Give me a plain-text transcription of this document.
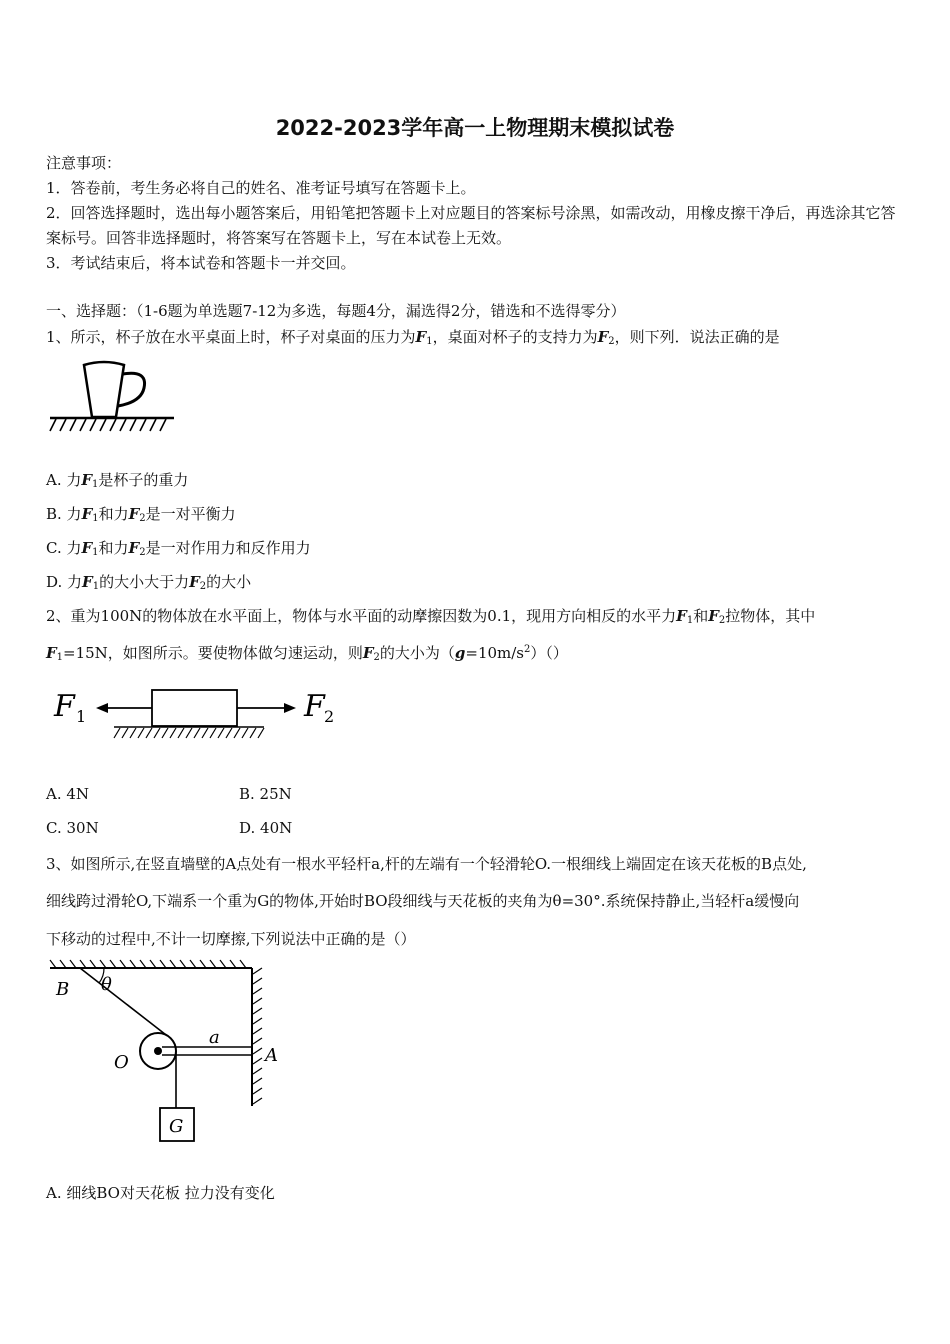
2022-2023学年高一上物理期末模拟试卷
注意事项：
1．答卷前，考生务必将自己的姓名、准考证号填写在答题卡上。
2．回答选择题时，选出每小题答案后，用铅笔把答题卡上对应题目的答案标号涂黑，如需改动，用橡皮擦干净后，再选涂其它答案标号。回答非选择题时，将答案写在答题卡上，写在本试卷上无效。
3．考试结束后，将本试卷和答题卡一并交回。
一、选择题：（1-6题为单选题7-12为多选，每题4分，漏选得2分，错选和不选得零分）
1、所示，杯子放在水平桌面上时，杯子对桌面的压力为$F_1$，桌面对杯子的支持力为$F_2$，则下列．说法正确的是
A. 力$F_1$是杯子的重力
B. 力$F_1$和力$F_2$是一对平衡力
C. 力$F_1$和力$F_2$是一对作用力和反作用力
D. 力$F_1$的大小大于力$F_2$的大小
2、重为100N的物体放在水平面上，物体与水平面的动摩擦因数为0.1，现用方向相反的水平力$F_1$和$F_2$拉物体，其中
$F_1=15N$，如图所示。要使物体做匀速运动，则$F_2$的大小为$(g=10m/s^2)()$
F 1	F 2
A. 4N	B. 25N
C. 30N	D. 40N
3、如图所示,在竖直墙壁的A点处有一根水平轻杆a,杆的左端有一个轻滑轮O.一根细线上端固定在该天花板的B点处,
细线跨过滑轮O,下端系一个重为G的物体,开始时BO段细线与天花板的夹角为θ=30°.系统保持静止,当轻杆a缓慢向
下移动的过程中,不计一切摩擦,下列说法中正确的是（）
B θ
O
a
A
G
A. 细线BO对天花板 拉力没有变化
